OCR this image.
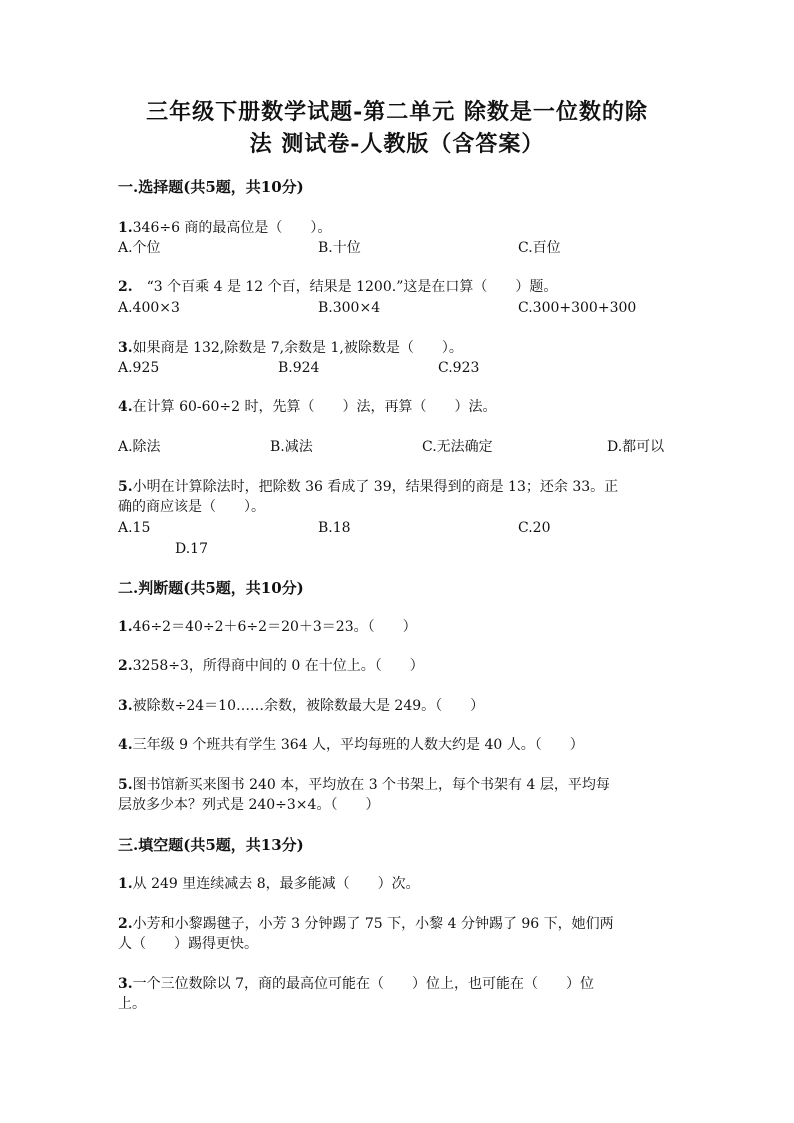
三年级下册数学试题-第二单元 除数是一位数的除
法 测试卷-人教版（含答案）
一.选择题(共5题，共10分)
1.346÷6 商的最高位是（　　）。
A.个位	B.十位	C.百位
2.　“3 个百乘 4 是 12 个百，结果是 1200.”这是在口算（　　）题。
A.400×3	B.300×4	C.300+300+300
3.如果商是 132,除数是 7,余数是 1,被除数是（　　）。
A.925	B.924	C.923
4.在计算 60-60÷2 时，先算（　　）法，再算（　　）法。
A.除法	B.减法	C.无法确定	D.都可以
5.小明在计算除法时，把除数 36 看成了 39，结果得到的商是 13；还余 33。正
确的商应该是（　　）。
A.15	B.18	C.20
D.17
二.判断题(共5题，共10分)
1.46÷2＝40÷2＋6÷2＝20＋3＝23。（　　）
2.3258÷3，所得商中间的 0 在十位上。（　　）
3.被除数÷24＝10……余数，被除数最大是 249。（　　）
4.三年级 9 个班共有学生 364 人，平均每班的人数大约是 40 人。（　　）
5.图书馆新买来图书 240 本，平均放在 3 个书架上，每个书架有 4 层，平均每
层放多少本？列式是 240÷3×4。（　　）
三.填空题(共5题，共13分)
1.从 249 里连续减去 8，最多能减（　　）次。
2.小芳和小黎踢毽子，小芳 3 分钟踢了 75 下，小黎 4 分钟踢了 96 下，她们两
人（　　）踢得更快。
3.一个三位数除以 7，商的最高位可能在（　　）位上，也可能在（　　）位
上。
